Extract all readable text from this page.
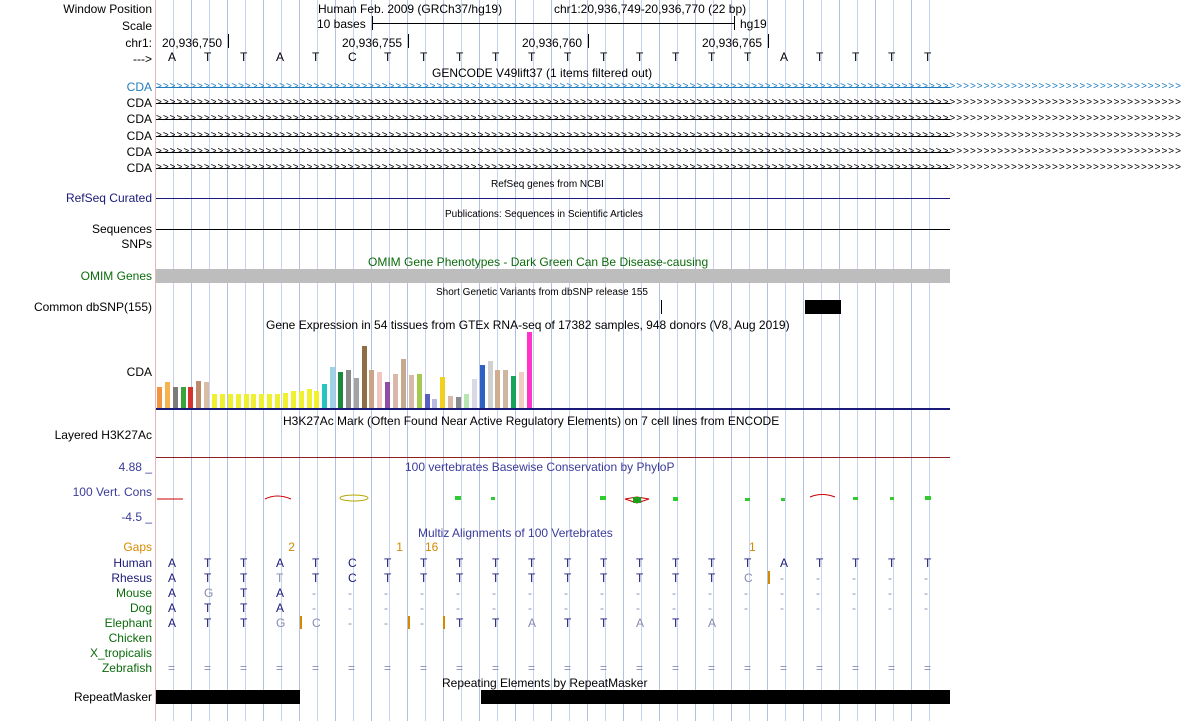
Window Position
Scale
chr1:
--->
Human Feb. 2009 (GRCh37/hg19)	chr1:20,936,749-20,936,770 (22 bp)
10 bases	hg19
20,936,750	20,936,755	20,936,760	20,936,765
A T T A T C T T T T T T T T T T T A T T T T
GENCODE V49lift37 (1 items filtered out)
CDA >>>>>>>>>>>>>>>>>>>>>>>>>>>>>>>>>>>>>>>>>>>>>>>>>>>>>>>>>>>>>>>>>>>>>>>>>>>>>>>>>>>>>>>>>>>>>>>>>>>>>>>>>>>>>>>>>>>>>>>>>>>>>>>>>>>>>>>>>>>>>>>>>>>>>>
CDA >>>>>>>>>>>>>>>>>>>>>>>>>>>>>>>>>>>>>>>>>>>>>>>>>>>>>>>>>>>>>>>>>>>>>>>>>>>>>>>>>>>>>>>>>>>>>>>>>>>>>>>>>>>>>>>>>>>>>>>>>>>>>>>>>>>>>>>>>>>>>>>>>>>>>>
CDA >>>>>>>>>>>>>>>>>>>>>>>>>>>>>>>>>>>>>>>>>>>>>>>>>>>>>>>>>>>>>>>>>>>>>>>>>>>>>>>>>>>>>>>>>>>>>>>>>>>>>>>>>>>>>>>>>>>>>>>>>>>>>>>>>>>>>>>>>>>>>>>>>>>>>>
CDA >>>>>>>>>>>>>>>>>>>>>>>>>>>>>>>>>>>>>>>>>>>>>>>>>>>>>>>>>>>>>>>>>>>>>>>>>>>>>>>>>>>>>>>>>>>>>>>>>>>>>>>>>>>>>>>>>>>>>>>>>>>>>>>>>>>>>>>>>>>>>>>>>>>>>>
CDA >>>>>>>>>>>>>>>>>>>>>>>>>>>>>>>>>>>>>>>>>>>>>>>>>>>>>>>>>>>>>>>>>>>>>>>>>>>>>>>>>>>>>>>>>>>>>>>>>>>>>>>>>>>>>>>>>>>>>>>>>>>>>>>>>>>>>>>>>>>>>>>>>>>>>>
CDA >>>>>>>>>>>>>>>>>>>>>>>>>>>>>>>>>>>>>>>>>>>>>>>>>>>>>>>>>>>>>>>>>>>>>>>>>>>>>>>>>>>>>>>>>>>>>>>>>>>>>>>>>>>>>>>>>>>>>>>>>>>>>>>>>>>>>>>>>>>>>>>>>>>>>>
RefSeq genes from NCBI
RefSeq Curated
Publications: Sequences in Scientific Articles
Sequences
SNPs
OMIM Gene Phenotypes - Dark Green Can Be Disease-causing
OMIM Genes
Short Genetic Variants from dbSNP release 155
Common dbSNP(155)
Gene Expression in 54 tissues from GTEx RNA-seq of 17382 samples, 948 donors (V8, Aug 2019)
CDA
H3K27Ac Mark (Often Found Near Active Regulatory Elements) on 7 cell lines from ENCODE
Layered H3K27Ac
100 vertebrates Basewise Conservation by PhyloP
4.88 _
100 Vert. Cons
-4.5 _
Multiz Alignments of 100 Vertebrates
Gaps	2	1 16	1
Human A T T A T C T T T T T T T T T T T A T T T T
Rhesus A T T T T C T T T T T T T T T T C -	-	-	-	-
Mouse A G T A -	-	-	-	-	-	-	-	-	-	-	-	-	-	-	-	-	-
Dog A T T A -	-	-	-	-	-	-	-	-	-	-	-	-	-	-	-	-	-
Elephant A T T G C -	-	-	T T A T T A T A
Chicken
X_tropicalis
Zebrafish = = = = = = = = = = = = = = = = = = = = = =
Repeating Elements by RepeatMasker
RepeatMasker
